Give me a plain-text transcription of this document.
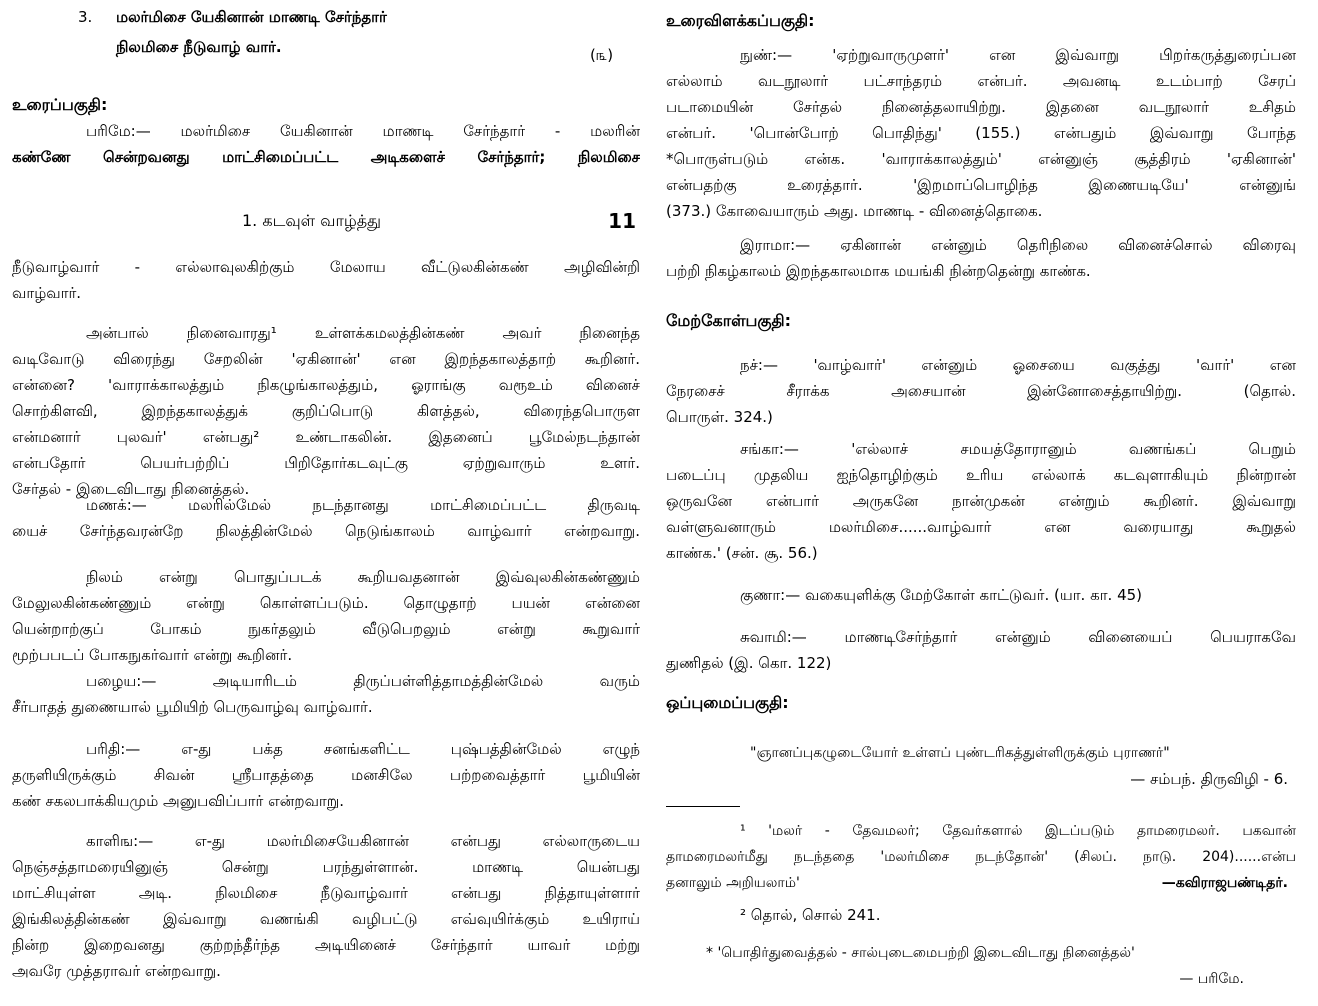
3. மலர்மிசை யேகினான் மாணடி சேர்ந்தார்
நிலமிசை நீடுவாழ் வார்.	(௩)
உரைப்பகுதி:
பரிமே:— மலர்மிசை யேகினான் மாணடி சேர்ந்தார் - மலரின்
கண்ணே சென்றவனது மாட்சிமைப்பட்ட அடிகளைச் சேர்ந்தார்; நிலமிசை
1. கடவுள் வாழ்த்து	11
நீடுவாழ்வார் - எல்லாவுலகிற்கும் மேலாய வீட்டுலகின்கண் அழிவின்றி
வாழ்வார்.
அன்பால் நினைவாரது¹ உள்ளக்கமலத்தின்கண் அவர் நினைந்த
வடிவோடு விரைந்து சேறலின் 'ஏகினான்' என இறந்தகாலத்தாற் கூறினர்.
என்னை? 'வாராக்காலத்தும் நிகழுங்காலத்தும், ஓராங்கு வரூஉம் வினைச்
சொற்கிளவி, இறந்தகாலத்துக் குறிப்பொடு கிளத்தல், விரைந்தபொருள
என்மனார் புலவர்' என்பது² உண்டாகலின். இதனைப் பூமேல்நடந்தான்
என்பதோர் பெயர்பற்றிப் பிறிதோர்கடவுட்கு ஏற்றுவாரும் உளர்.
சேர்தல் - இடைவிடாது நினைத்தல்.
மணக்:—	மலரில்மேல் நடந்தானது மாட்சிமைப்பட்ட திருவடி
யைச் சேர்ந்தவரன்றே நிலத்தின்மேல் நெடுங்காலம் வாழ்வார் என்றவாறு.
நிலம் என்று பொதுப்படக் கூறியவதனான் இவ்வுலகின்கண்ணும்
மேலுலகின்கண்ணும் என்று கொள்ளப்படும். தொழுதாற் பயன் என்னை
யென்றாற்குப் போகம் நுகர்தலும் வீடுபெறலும் என்று கூறுவார்
மூற்பபடப் போகநுகர்வார் என்று கூறினர்.
பழைய:—	அடியாரிடம் திருப்பள்ளித்தாமத்தின்மேல் வரும்
சீர்பாதத் துணையால் பூமியிற் பெருவாழ்வு வாழ்வார்.
பரிதி:—	எ-து பக்த சனங்களிட்ட புஷ்பத்தின்மேல் எழுந்
தருளியிருக்கும் சிவன் ஸ்ரீபாதத்தை மனசிலே பற்றவைத்தார் பூமியின்
கண் சகலபாக்கியமும் அனுபவிப்பார் என்றவாறு.
காளிங:—	எ-து மலர்மிசையேகினான் என்பது எல்லாருடைய
நெஞ்சத்தாமரையினுஞ் சென்று பரந்துள்ளான். மாணடி யென்பது
மாட்சியுள்ள அடி. நிலமிசை நீடுவாழ்வார் என்பது நித்தாயுள்ளார்
இங்கிலத்தின்கண் இவ்வாறு வணங்கி வழிபட்டு எவ்வுயிர்க்கும் உயிராய்
நின்ற இறைவனது குற்றந்தீர்ந்த அடியினைச் சேர்ந்தார் யாவர் மற்று
அவரே முத்தராவர் என்றவாறு.
உரைவிளக்கப்பகுதி:
நுண்:—	'ஏற்றுவாருமுளர்' என இவ்வாறு பிறர்கருத்துரைப்பன
எல்லாம் வடநூலார் பட்சாந்தரம் என்பர். அவனடி உடம்பாற் சேரப்
படாமையின் சேர்தல் நினைத்தலாயிற்று. இதனை வடநூலார் உசிதம்
என்பர். 'பொன்போற் பொதிந்து' (155.) என்பதும் இவ்வாறு போந்த
*பொருள்படும் என்க. 'வாராக்காலத்தும்' என்னுஞ் சூத்திரம் 'ஏகினான்'
என்பதற்கு உரைத்தார். 'இறமாப்பொழிந்த இணையடியே' என்னுங்
(373.) கோவையாரும் அது. மாணடி - வினைத்தொகை.
இராமா:— ஏகினான் என்னும் தெரிநிலை வினைச்சொல் விரைவு
பற்றி நிகழ்காலம் இறந்தகாலமாக மயங்கி நின்றதென்று காண்க.
மேற்கோள்பகுதி:
நச்:— 'வாழ்வார்' என்னும் ஓசையை வகுத்து 'வார்' என
நேரசைச் சீராக்க அசையான் இன்னோசைத்தாயிற்று. (தொல்.
பொருள். 324.)
சங்கா:—	'எல்லாச் சமயத்தோரானும் வணங்கப் பெறும்
படைப்பு முதலிய ஐந்தொழிற்கும் உரிய எல்லாக் கடவுளாகியும் நின்றான்
ஒருவனே என்பார் அருகனே நான்முகன் என்றும் கூறினர். இவ்வாறு
வள்ளுவனாரும் மலர்மிசை......வாழ்வார் என வரையாது கூறுதல்
காண்க.' (சன். சூ. 56.)
குணா:— வகையுளிக்கு மேற்கோள் காட்டுவர். (யா. கா. 45)
சுவாமி:—	மாணடிசேர்ந்தார் என்னும் வினையைப் பெயராகவே
துணிதல் (இ. கொ. 122)
ஒப்புமைப்பகுதி:
"ஞானப்புகழுடையோர் உள்ளப் புண்டரிகத்துள்ளிருக்கும் புராணர்"
— சம்பந். திருவிழி - 6.
¹ 'மலர் - தேவமலர்; தேவர்களால் இடப்படும் தாமரைமலர். பகவான்
தாமரைமலர்மீது நடந்ததை 'மலர்மிசை நடந்தோன்' (சிலப். நாடு. 204)......என்ப
தனாலும் அறியலாம்'	—கவிராஜபண்டிதர்.
² தொல், சொல் 241.
* 'பொதிர்துவைத்தல் - சால்புடைமைபற்றி இடைவிடாது நினைத்தல்'
— பரிமே.
